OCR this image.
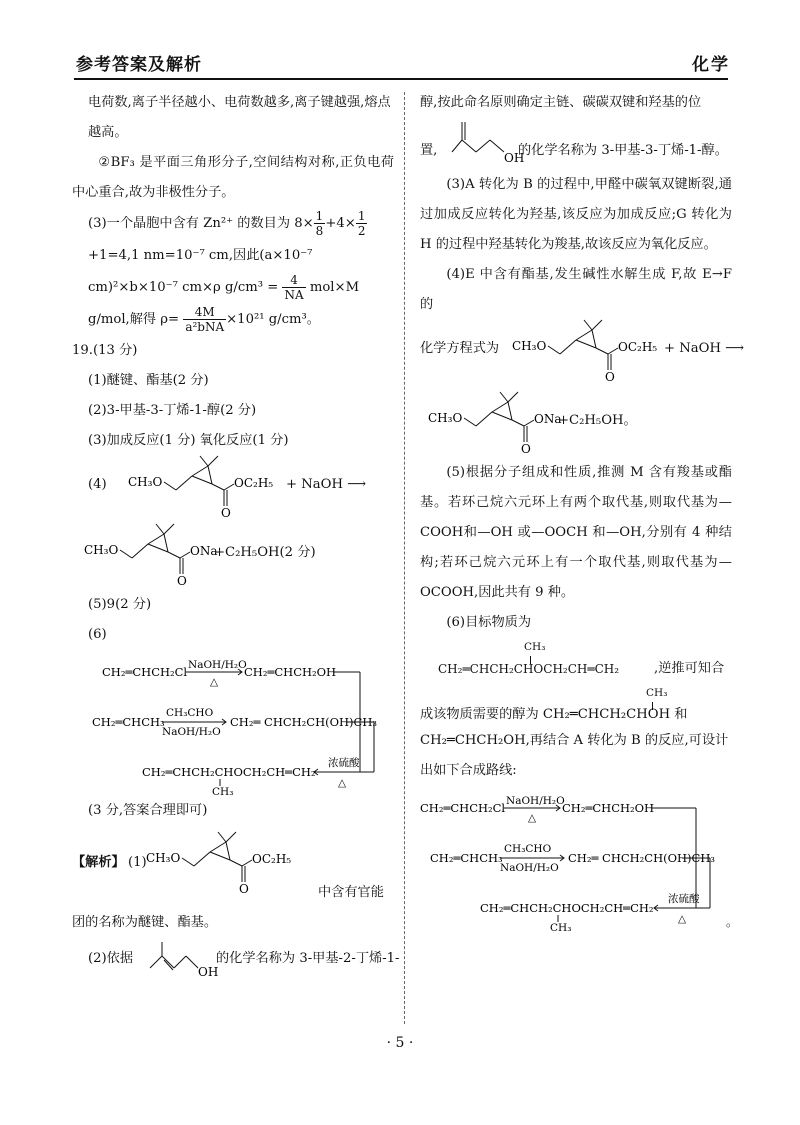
参考答案及解析	化学

电荷数,离子半径越小、电荷数越多,离子键越强,熔点越高。

②BF₃ 是平面三角形分子,空间结构对称,正负电荷中心重合,故为非极性分子。

(3)一个晶胞中含有 Zn²⁺ 的数目为 $8\times \frac{1}{8} +4\times \frac{1}{2}$
+1=4,1 nm=10⁻⁷ cm,因此(a×10⁻⁷ cm)²×b×10⁻⁷ cm×ρ $g/cm^3 = \frac{4}{NA} mol\times M$ g/mol,解得 $\rho= \frac{4M}{\text{a²bNA}} \times 10^{21}$ g/cm³。

19.(13 分)

(1)醚键、酯基(2 分)

(2)3-甲基-3-丁烯-1-醇(2 分)

(3)加成反应(1 分) 氧化反应(1 分)

(4) CH₃O
O
OC₂H₅ + NaOH ⟶
CH₃O
O
ONa
+C₂H₅OH(2 分)

(5)9(2 分)

(6)

CH₂═CHCH₂Cl NaOH/H₂O
△
CH₂═CHCH₂OH
CH₂═CHCH₃
CH₃CHO
NaOH/H₂O
CH₂═ CHCH₂CH(OH)CH₃
浓硫酸
△
CH₂═CHCH₂CHOCH₂CH═CH₂
CH₃

(3 分,答案合理即可)

【解析】 (1) CH₃O
O
OC₂H₅
中含有官能团的名称为醚键、酯基。
(2)依据
OH
的化学名称为 3-甲基-2-丁烯-1-

醇,按此命名原则确定主链、碳碳双键和羟基的位

置,	OH
的化学名称为 3-甲基-3-丁烯-1-醇。

(3)A 转化为 B 的过程中,甲醛中碳氧双键断裂,通过加成反应转化为羟基,该反应为加成反应;G 转化为 H 的过程中羟基转化为羧基,故该反应为氧化反应。

(4)E 中含有酯基,发生碱性水解生成 F,故 E→F 的

化学方程式为 CH₃O
O
OC₂H₅ + NaOH ⟶
CH₃O
O
ONa
+C₂H₅OH。

(5)根据分子组成和性质,推测 M 含有羧基或酯基。若环己烷六元环上有两个取代基,则取代基为—COOH和—OH 或—OOCH 和—OH,分别有 4 种结构;若环己烷六元环上有一个取代基,则取代基为—OCOOH,因此共有 9 种。

(6)目标物质为

CH₃
CH₂═CHCH₂CHOCH₂CH═CH₂	,逆推可知合
CH₃
成该物质需要的醇为 CH₂═CHCH₂CHOH 和

CH₂═CHCH₂OH,再结合 A 转化为 B 的反应,可设计出如下合成路线:

CH₂═CHCH₂Cl NaOH/H₂O
△
CH₂═CHCH₂OH
CH₂═CHCH₃
CH₃CHO
NaOH/H₂O
CH₂═ CHCH₂CH(OH)CH₃
浓硫酸
△
CH₂═CHCH₂CHOCH₂CH═CH₂
CH₃	。
· 5 ·
